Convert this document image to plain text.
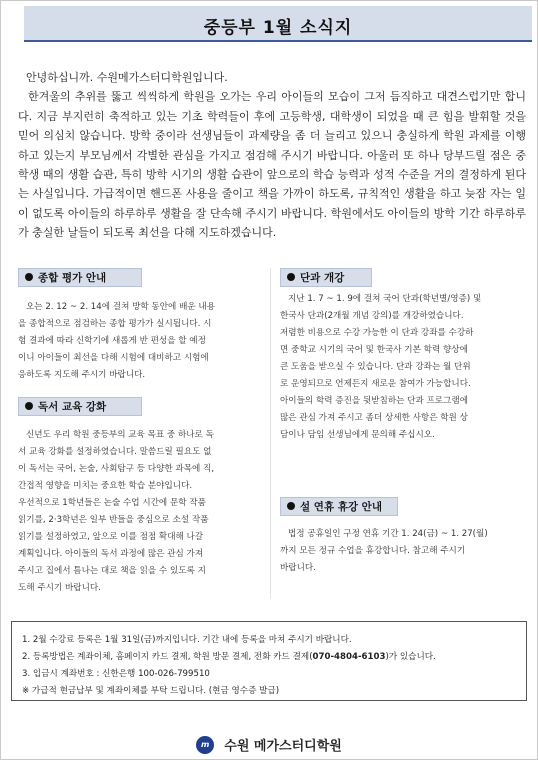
중등부 1월 소식지
안녕하십니까. 수원메가스터디학원입니다.
한겨울의 추위를 뚫고 씩씩하게 학원을 오가는 우리 아이들의 모습이 그저 듬직하고 대견스럽기만 합니다. 지금 부지런히 축적하고 있는 기초 학력들이 후에 고등학생, 대학생이 되었을 때 큰 힘을 발휘할 것을 믿어 의심치 않습니다. 방학 중이라 선생님들이 과제량을 좀 더 늘리고 있으니 충실하게 학원 과제를 이행하고 있는지 부모님께서 각별한 관심을 가지고 점검해 주시기 바랍니다. 아울러 또 하나 당부드릴 점은 중학생 때의 생활 습관, 특히 방학 시기의 생활 습관이 앞으로의 학습 능력과 성적 수준을 거의 결정하게 된다는 사실입니다. 가급적이면 핸드폰 사용을 줄이고 책을 가까이 하도록, 규칙적인 생활을 하고 늦잠 자는 일이 없도록 아이들의 하루하루 생활을 잘 단속해 주시기 바랍니다. 학원에서도 아이들의 방학 기간 하루하루가 충실한 날들이 되도록 최선을 다해 지도하겠습니다.
종합 평가 안내
오는 2. 12 ~ 2. 14에 걸쳐 방학 동안에 배운 내용
을 종합적으로 점검하는 종합 평가가 실시됩니다. 시
험 결과에 따라 신학기에 새롭게 반 편성을 할 예정
이니 아이들이 최선을 다해 시험에 대비하고 시험에
응하도록 지도해 주시기 바랍니다.
독서 교육 강화
신년도 우리 학원 중등부의 교육 목표 중 하나로 독
서 교육 강화를 설정하였습니다. 말씀드릴 필요도 없
이 독서는 국어, 논술, 사회탐구 등 다양한 과목에 직,
간접적 영향을 미치는 중요한 학습 분야입니다.
우선적으로 1학년들은 논술 수업 시간에 문학 작품
읽기를, 2·3학년은 일부 반들을 중심으로 소설 작품
읽기를 설정하였고, 앞으로 이를 점점 확대해 나갈
계획입니다. 아이들의 독서 과정에 많은 관심 가져
주시고 집에서 틈나는 대로 책을 읽을 수 있도록 지
도해 주시기 바랍니다.
단과 개강
지난 1. 7 ~ 1. 9에 걸쳐 국어 단과(학년별/영증) 및
한국사 단과(2개월 개념 강의)를 개강하였습니다.
저렴한 비용으로 수강 가능한 이 단과 강좌를 수강하
면 중학교 시기의 국어 및 한국사 기본 학력 향상에
큰 도움을 받으실 수 있습니다. 단과 강좌는 월 단위
로 운영되므로 언제든지 새로운 참여가 가능합니다.
아이들의 학력 증진을 뒷받침하는 단과 프로그램에
많은 관심 가져 주시고 좀더 상세한 사항은 학원 상
담이나 담임 선생님에게 문의해 주십시오.
설 연휴 휴강 안내
법정 공휴일인 구정 연휴 기간 1. 24(금) ~ 1. 27(월)
까지 모든 정규 수업을 휴강합니다. 참고해 주시기
바랍니다.
1. 2월 수강료 등록은 1월 31일(금)까지입니다. 기간 내에 등록을 마쳐 주시기 바랍니다.
2. 등록방법은 계좌이체, 홈페이지 카드 결제, 학원 방문 결제, 전화 카드 결제(070-4804-6103)가 있습니다.
3. 입금시 계좌번호 : 신한은행 100-026-799510
※ 가급적 현금납부 및 계좌이체를 부탁 드립니다. (현금 영수증 발급)
m 수원 메가스터디학원
